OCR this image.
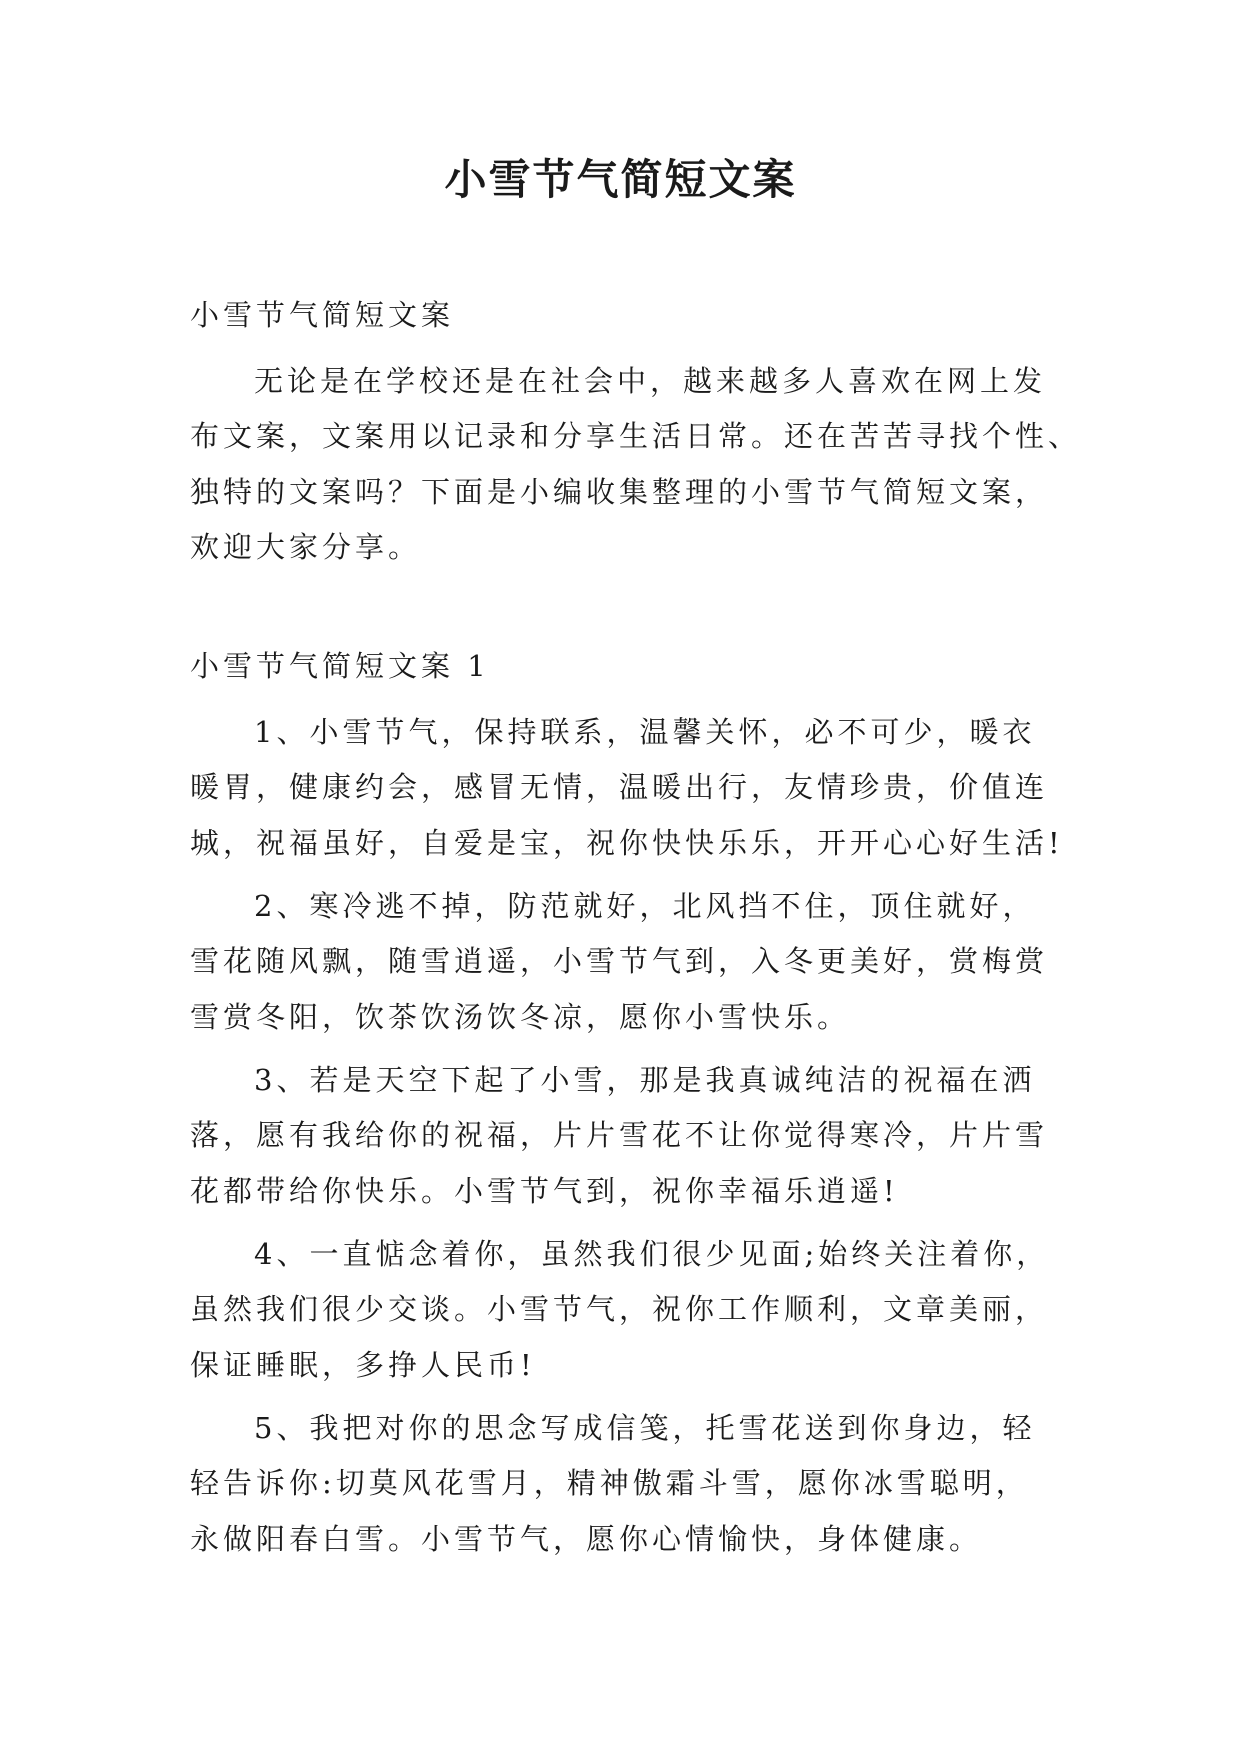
小雪节气简短文案
小雪节气简短文案
无论是在学校还是在社会中，越来越多人喜欢在网上发
布文案，文案用以记录和分享生活日常。还在苦苦寻找个性、
独特的文案吗？下面是小编收集整理的小雪节气简短文案，
欢迎大家分享。
小雪节气简短文案 1
1、小雪节气，保持联系，温馨关怀，必不可少，暖衣
暖胃，健康约会，感冒无情，温暖出行，友情珍贵，价值连
城，祝福虽好，自爱是宝，祝你快快乐乐，开开心心好生活!
2、寒冷逃不掉，防范就好，北风挡不住，顶住就好，
雪花随风飘，随雪逍遥，小雪节气到，入冬更美好，赏梅赏
雪赏冬阳，饮茶饮汤饮冬凉，愿你小雪快乐。
3、若是天空下起了小雪，那是我真诚纯洁的祝福在洒
落，愿有我给你的祝福，片片雪花不让你觉得寒冷，片片雪
花都带给你快乐。小雪节气到，祝你幸福乐逍遥!
4、一直惦念着你，虽然我们很少见面;始终关注着你，
虽然我们很少交谈。小雪节气，祝你工作顺利，文章美丽，
保证睡眠，多挣人民币!
5、我把对你的思念写成信笺，托雪花送到你身边，轻
轻告诉你:切莫风花雪月，精神傲霜斗雪，愿你冰雪聪明，
永做阳春白雪。小雪节气，愿你心情愉快，身体健康。
